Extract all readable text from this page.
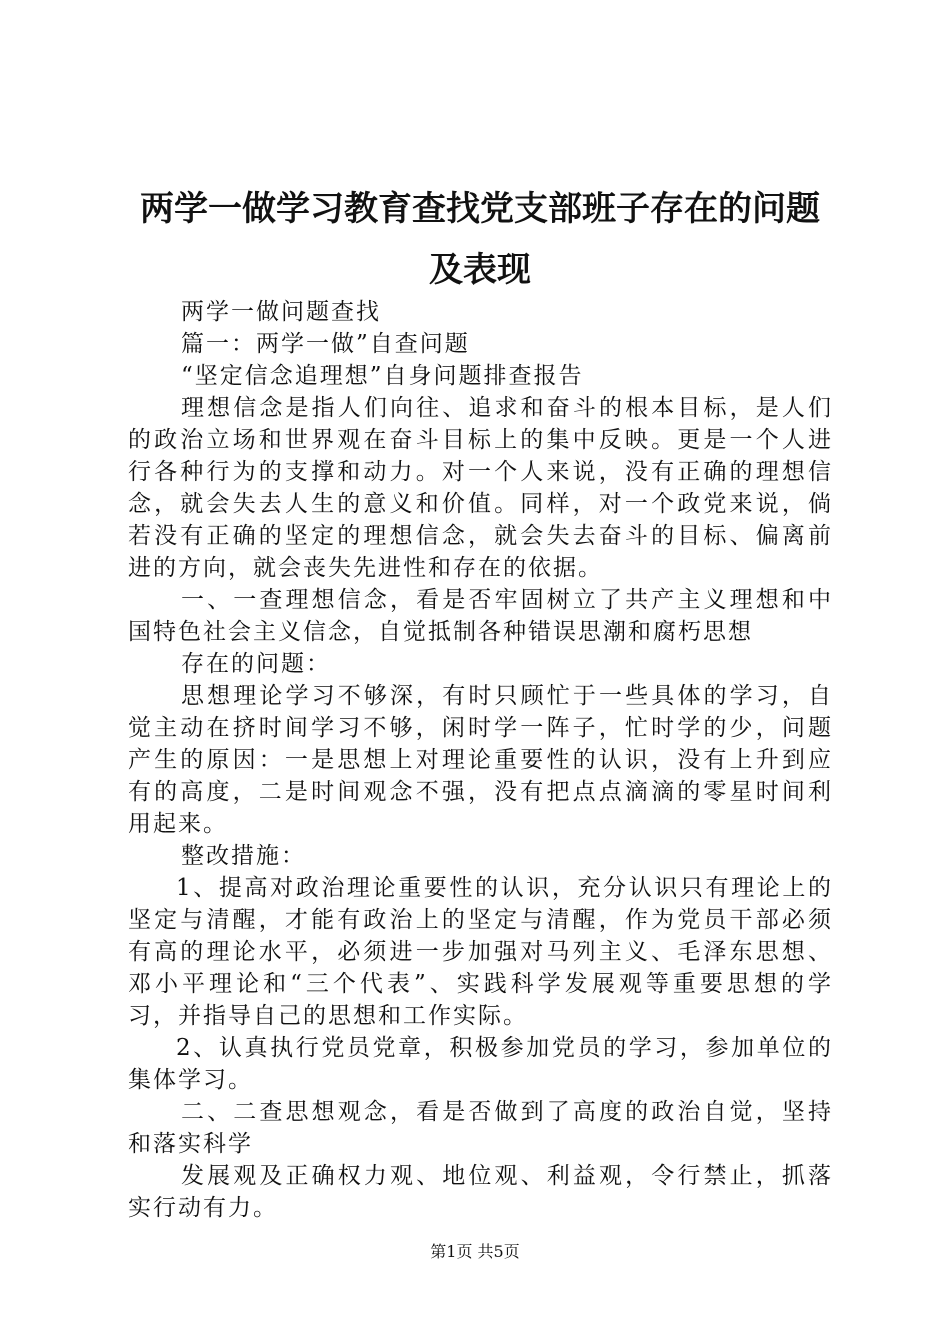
两学一做学习教育查找党支部班子存在的问题
及表现
两学一做问题查找
篇一：两学一做”自查问题
“坚定信念追理想”自身问题排查报告
理想信念是指人们向往、追求和奋斗的根本目标，是人们
的政治立场和世界观在奋斗目标上的集中反映。更是一个人进
行各种行为的支撑和动力。对一个人来说，没有正确的理想信
念，就会失去人生的意义和价值。同样，对一个政党来说，倘
若没有正确的坚定的理想信念，就会失去奋斗的目标、偏离前
进的方向，就会丧失先进性和存在的依据。
一、一查理想信念，看是否牢固树立了共产主义理想和中
国特色社会主义信念，自觉抵制各种错误思潮和腐朽思想
存在的问题：
思想理论学习不够深，有时只顾忙于一些具体的学习，自
觉主动在挤时间学习不够，闲时学一阵子，忙时学的少，问题
产生的原因：一是思想上对理论重要性的认识，没有上升到应
有的高度，二是时间观念不强，没有把点点滴滴的零星时间利
用起来。
整改措施：
1、提高对政治理论重要性的认识，充分认识只有理论上的
坚定与清醒，才能有政治上的坚定与清醒，作为党员干部必须
有高的理论水平，必须进一步加强对马列主义、毛泽东思想、
邓小平理论和“三个代表”、实践科学发展观等重要思想的学
习，并指导自己的思想和工作实际。
2、认真执行党员党章，积极参加党员的学习，参加单位的
集体学习。
二、二查思想观念，看是否做到了高度的政治自觉，坚持
和落实科学
发展观及正确权力观、地位观、利益观，令行禁止，抓落
实行动有力。
第1页 共5页
